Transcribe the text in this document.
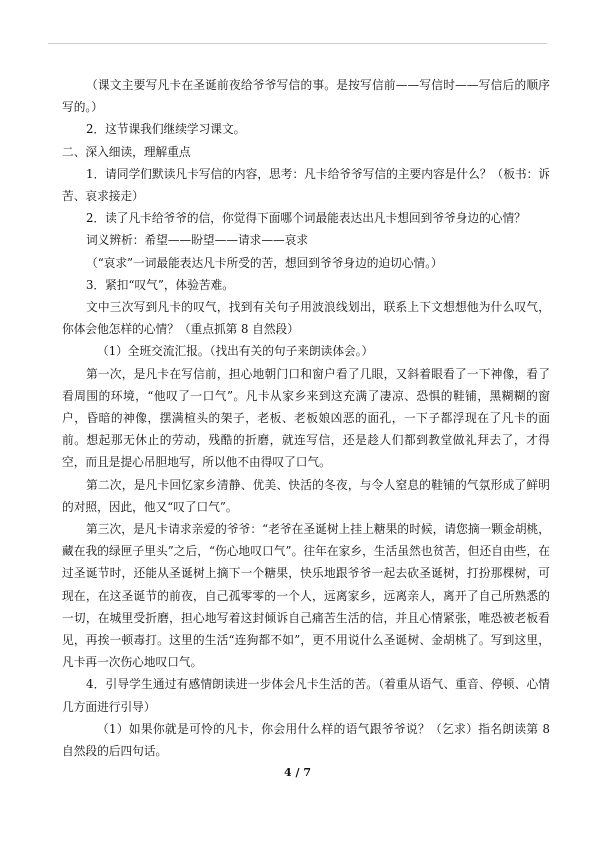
（课文主要写凡卡在圣诞前夜给爷爷写信的事。是按写信前——写信时——写信后的顺序写的。）

2．这节课我们继续学习课文。

二、深入细读，理解重点

1．请同学们默读凡卡写信的内容，思考：凡卡给爷爷写信的主要内容是什么？（板书：诉苦、哀求接走）

2．读了凡卡给爷爷的信，你觉得下面哪个词最能表达出凡卡想回到爷爷身边的心情？

词义辨析：希望——盼望——请求——哀求

（“哀求”一词最能表达凡卡所受的苦，想回到爷爷身边的迫切心情。）

3．紧扣“叹气”，体验苦难。

文中三次写到凡卡的叹气，找到有关句子用波浪线划出，联系上下文想想他为什么叹气，你体会他怎样的心情？（重点抓第 8 自然段）

（1）全班交流汇报。（找出有关的句子来朗读体会。）

第一次，是凡卡在写信前，担心地朝门口和窗户看了几眼，又斜着眼看了一下神像，看了看周围的环境，“他叹了一口气”。凡卡从家乡来到这充满了凄凉、恐惧的鞋铺，黑糊糊的窗户，昏暗的神像，摆满楦头的架子，老板、老板娘凶恶的面孔，一下子都浮现在了凡卡的面前。想起那无休止的劳动，残酷的折磨，就连写信，还是趁人们都到教堂做礼拜去了，才得空，而且是提心吊胆地写，所以他不由得叹了口气。

第二次，是凡卡回忆家乡清静、优美、快活的冬夜，与令人窒息的鞋铺的气氛形成了鲜明的对照，因此，他又“叹了口气”。

第三次，是凡卡请求亲爱的爷爷：“老爷在圣诞树上挂上糖果的时候，请您摘一颗金胡桃，藏在我的绿匣子里头”之后，“伤心地叹口气”。往年在家乡，生活虽然也贫苦，但还自由些，在过圣诞节时，还能从圣诞树上摘下一个糖果，快乐地跟爷爷一起去砍圣诞树，打扮那棵树，可现在，在这圣诞节的前夜，自己孤零零的一个人，远离家乡，远离亲人，离开了自己所熟悉的一切，在城里受折磨，担心地写着这封倾诉自己痛苦生活的信，并且心情紧张，唯恐被老板看见，再挨一顿毒打。这里的生活“连狗都不如”，更不用说什么圣诞树、金胡桃了。写到这里，凡卡再一次伤心地叹口气。

4．引导学生通过有感情朗读进一步体会凡卡生活的苦。（着重从语气、重音、停顿、心情几方面进行引导）

（1）如果你就是可怜的凡卡，你会用什么样的语气跟爷爷说？（乞求）指名朗读第 8 自然段的后四句话。

4 / 7
